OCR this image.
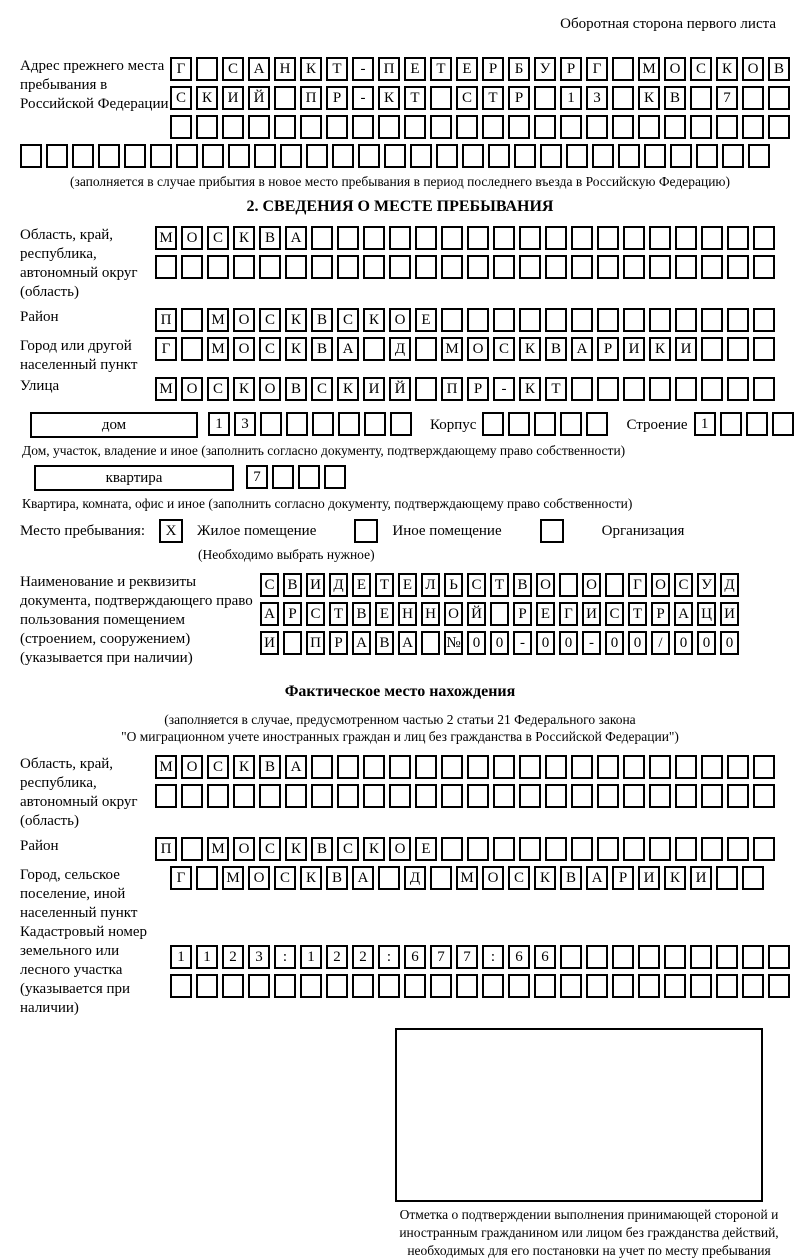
Оборотная сторона первого листа
Адрес прежнего места пребывания в Российской Федерации
Г	С	А	Н	К	Т	-	П	Е	Т	Е	Р	Б	У	Р	Г	М О	С	К	О	В
С	К	И	Й	П	Р	-	К	Т	С	Т	Р	1	3	К	В	7
(заполняется в случае прибытия в новое место пребывания в период последнего въезда в Российскую Федерацию)
2. СВЕДЕНИЯ О МЕСТЕ ПРЕБЫВАНИЯ
Область, край, республика, автономный округ (область)
М О	С	К	В	А
Район	П	М О	С	К	В	С	К	О	Е
Город или другой населенный пункт
Г	М О	С	К	В	А	Д	М О	С	К	В	А	Р	И	К	И
Улица	М О	С	К	О	В	С	К	И	Й	П	Р	-	К	Т
дом	1	3	Корпус	Строение 1
Дом, участок, владение и иное (заполнить согласно документу, подтверждающему право собственности)
квартира	7
Квартира, комната, офис и иное (заполнить согласно документу, подтверждающему право собственности)
Место пребывания:	X	Жилое помещение	Иное помещение	Организация
(Необходимо выбрать нужное)
Наименование и реквизиты документа, подтверждающего право пользования помещением (строением, сооружением) (указывается при наличии)
С В И Д Е Т Е Л Ь С Т В О О	Г О С У Д
А Р С Т В Е Н Н О Й	Р Е Г И С Т Р А Ц И
И П Р А В А № 0	0	-	0	0	-	0	0	/	0	0	0
Фактическое место нахождения
(заполняется в случае, предусмотренном частью 2 статьи 21 Федерального закона
"О миграционном учете иностранных граждан и лиц без гражданства в Российской Федерации")
Область, край, республика, автономный округ (область)
М О	С	К	В	А
Район	П	М О	С	К	В	С	К	О	Е
Город, сельское поселение, иной населенный пункт
Г	М О	С	К	В	А	Д	М О	С	К	В	А	Р	И	К	И
Кадастровый номер земельного или лесного участка (указывается при наличии)
1	1	2	3	:	1	2	2	:	6	7	7	:	6	6
Отметка о подтверждении выполнения принимающей стороной и иностранным гражданином или лицом без гражданства действий, необходимых для его постановки на учет по месту пребывания
